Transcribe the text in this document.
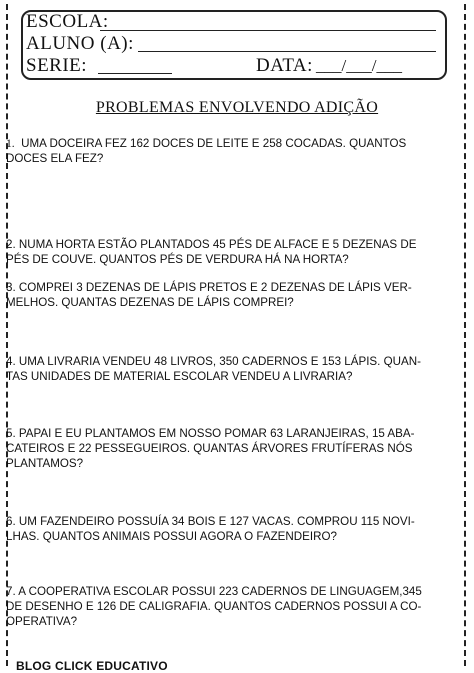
ESCOLA:
ALUNO (A):
SERIE:	DATA: ___/___/___
PROBLEMAS ENVOLVENDO ADIÇÃO
1. UMA DOCEIRA FEZ 162 DOCES DE LEITE E 258 COCADAS. QUANTOS
DOCES ELA FEZ?
2. NUMA HORTA ESTÃO PLANTADOS 45 PÉS DE ALFACE E 5 DEZENAS DE
PÉS DE COUVE. QUANTOS PÉS DE VERDURA HÁ NA HORTA?
3. COMPREI 3 DEZENAS DE LÁPIS PRETOS E 2 DEZENAS DE LÁPIS VER-
MELHOS. QUANTAS DEZENAS DE LÁPIS COMPREI?
4. UMA LIVRARIA VENDEU 48 LIVROS, 350 CADERNOS E 153 LÁPIS. QUAN-
TAS UNIDADES DE MATERIAL ESCOLAR VENDEU A LIVRARIA?
5. PAPAI E EU PLANTAMOS EM NOSSO POMAR 63 LARANJEIRAS, 15 ABA-
CATEIROS E 22 PESSEGUEIROS. QUANTAS ÁRVORES FRUTÍFERAS NÓS
PLANTAMOS?
6. UM FAZENDEIRO POSSUÍA 34 BOIS E 127 VACAS. COMPROU 115 NOVI-
LHAS. QUANTOS ANIMAIS POSSUI AGORA O FAZENDEIRO?
7. A COOPERATIVA ESCOLAR POSSUI 223 CADERNOS DE LINGUAGEM,345
DE DESENHO E 126 DE CALIGRAFIA. QUANTOS CADERNOS POSSUI A CO-
OPERATIVA?
BLOG CLICK EDUCATIVO
